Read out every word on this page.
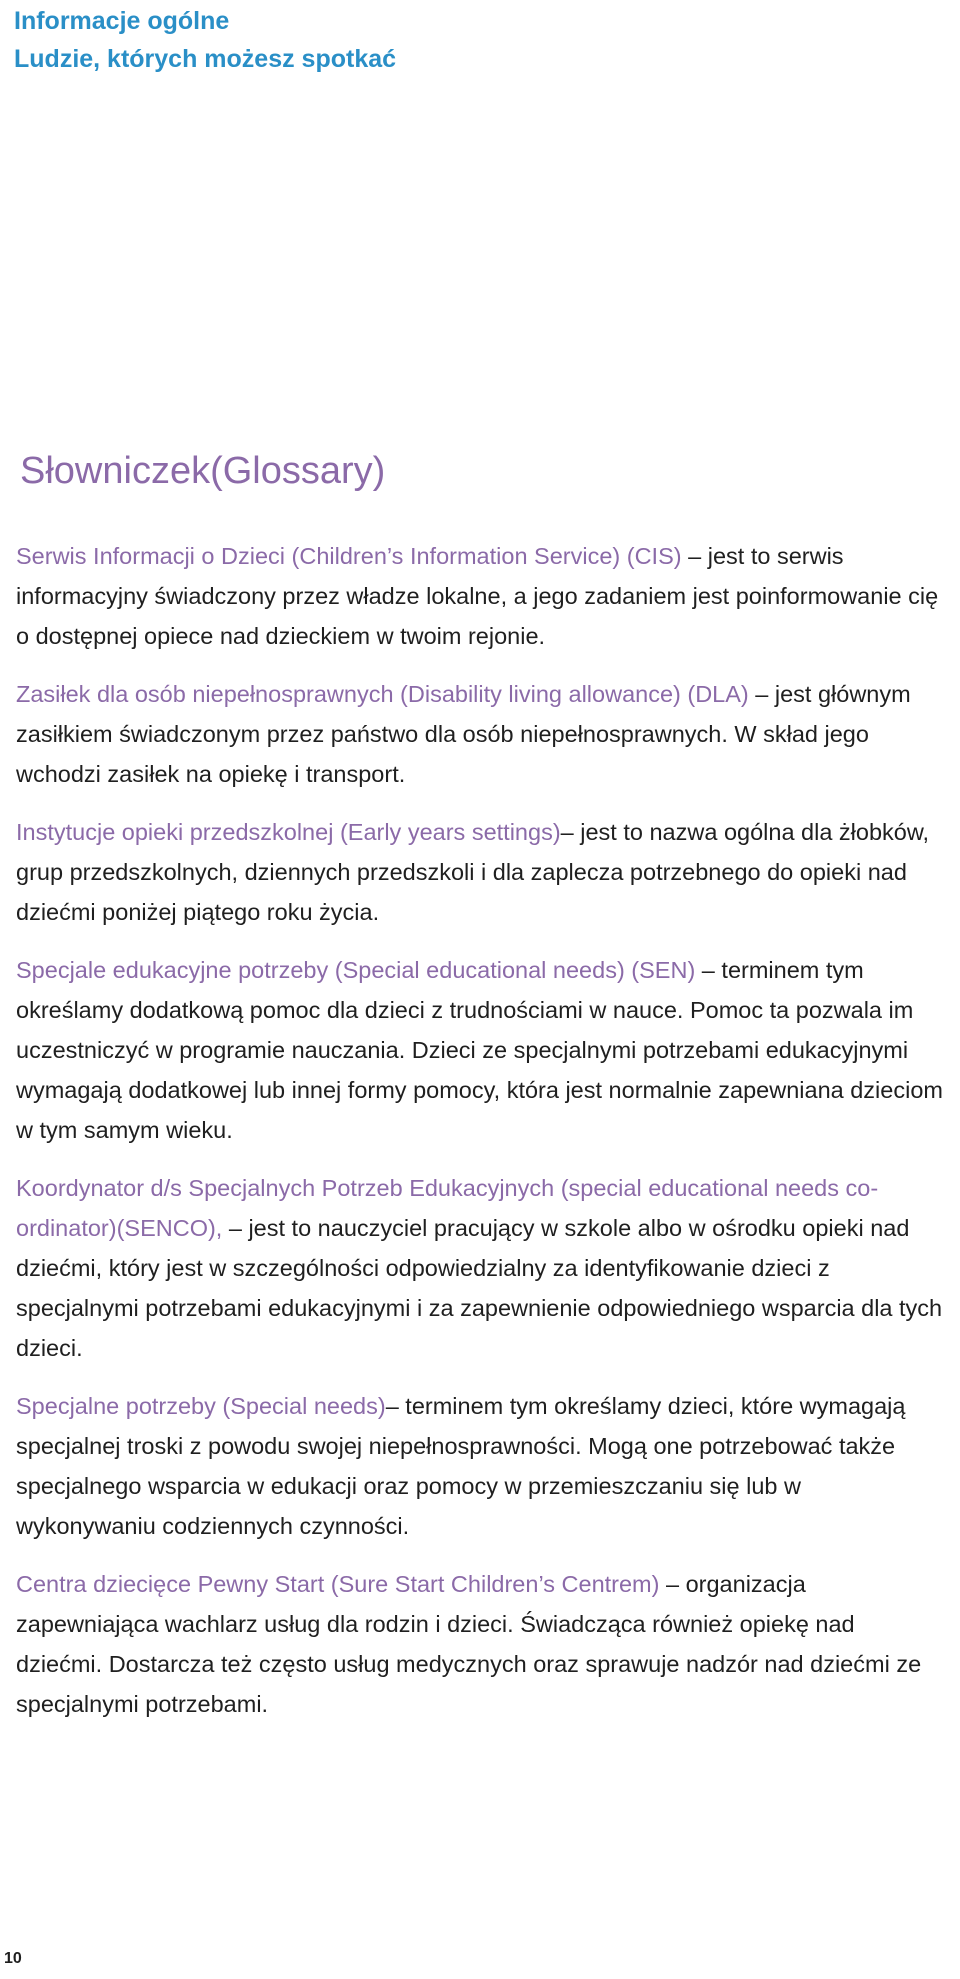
Informacje ogólne
Ludzie, których możesz spotkać
Słowniczek(Glossary)

Serwis Informacji o Dzieci (Children’s Information Service) (CIS) – jest to serwis informacyjny świadczony przez władze lokalne, a jego zadaniem jest poinformowanie cię o dostępnej opiece nad dzieckiem w twoim rejonie.

Zasiłek dla osób niepełnosprawnych (Disability living allowance) (DLA) – jest głównym zasiłkiem świadczonym przez państwo dla osób niepełnosprawnych. W skład jego wchodzi zasiłek na opiekę i transport.

Instytucje opieki przedszkolnej (Early years settings)– jest to nazwa ogólna dla żłobków, grup przedszkolnych, dziennych przedszkoli i dla zaplecza potrzebnego do opieki nad dziećmi poniżej piątego roku życia.

Specjale edukacyjne potrzeby (Special educational needs) (SEN) – terminem tym określamy dodatkową pomoc dla dzieci z trudnościami w nauce. Pomoc ta pozwala im uczestniczyć w programie nauczania. Dzieci ze specjalnymi potrzebami edukacyjnymi wymagają dodatkowej lub innej formy pomocy, która jest normalnie zapewniana dzieciom w tym samym wieku.

Koordynator d/s Specjalnych Potrzeb Edukacyjnych (special educational needs co-ordinator)(SENCO), – jest to nauczyciel pracujący w szkole albo w ośrodku opieki nad dziećmi, który jest w szczególności odpowiedzialny za identyfikowanie dzieci z specjalnymi potrzebami edukacyjnymi i za zapewnienie odpowiedniego wsparcia dla tych dzieci.

Specjalne potrzeby (Special needs)– terminem tym określamy dzieci, które wymagają specjalnej troski z powodu swojej niepełnosprawności. Mogą one potrzebować także specjalnego wsparcia w edukacji oraz pomocy w przemieszczaniu się lub w wykonywaniu codziennych czynności.

Centra dziecięce Pewny Start (Sure Start Children’s Centrem) – organizacja zapewniająca wachlarz usług dla rodzin i dzieci. Świadcząca również opiekę nad dziećmi. Dostarcza też często usług medycznych oraz sprawuje nadzór nad dziećmi ze specjalnymi potrzebami.

10
